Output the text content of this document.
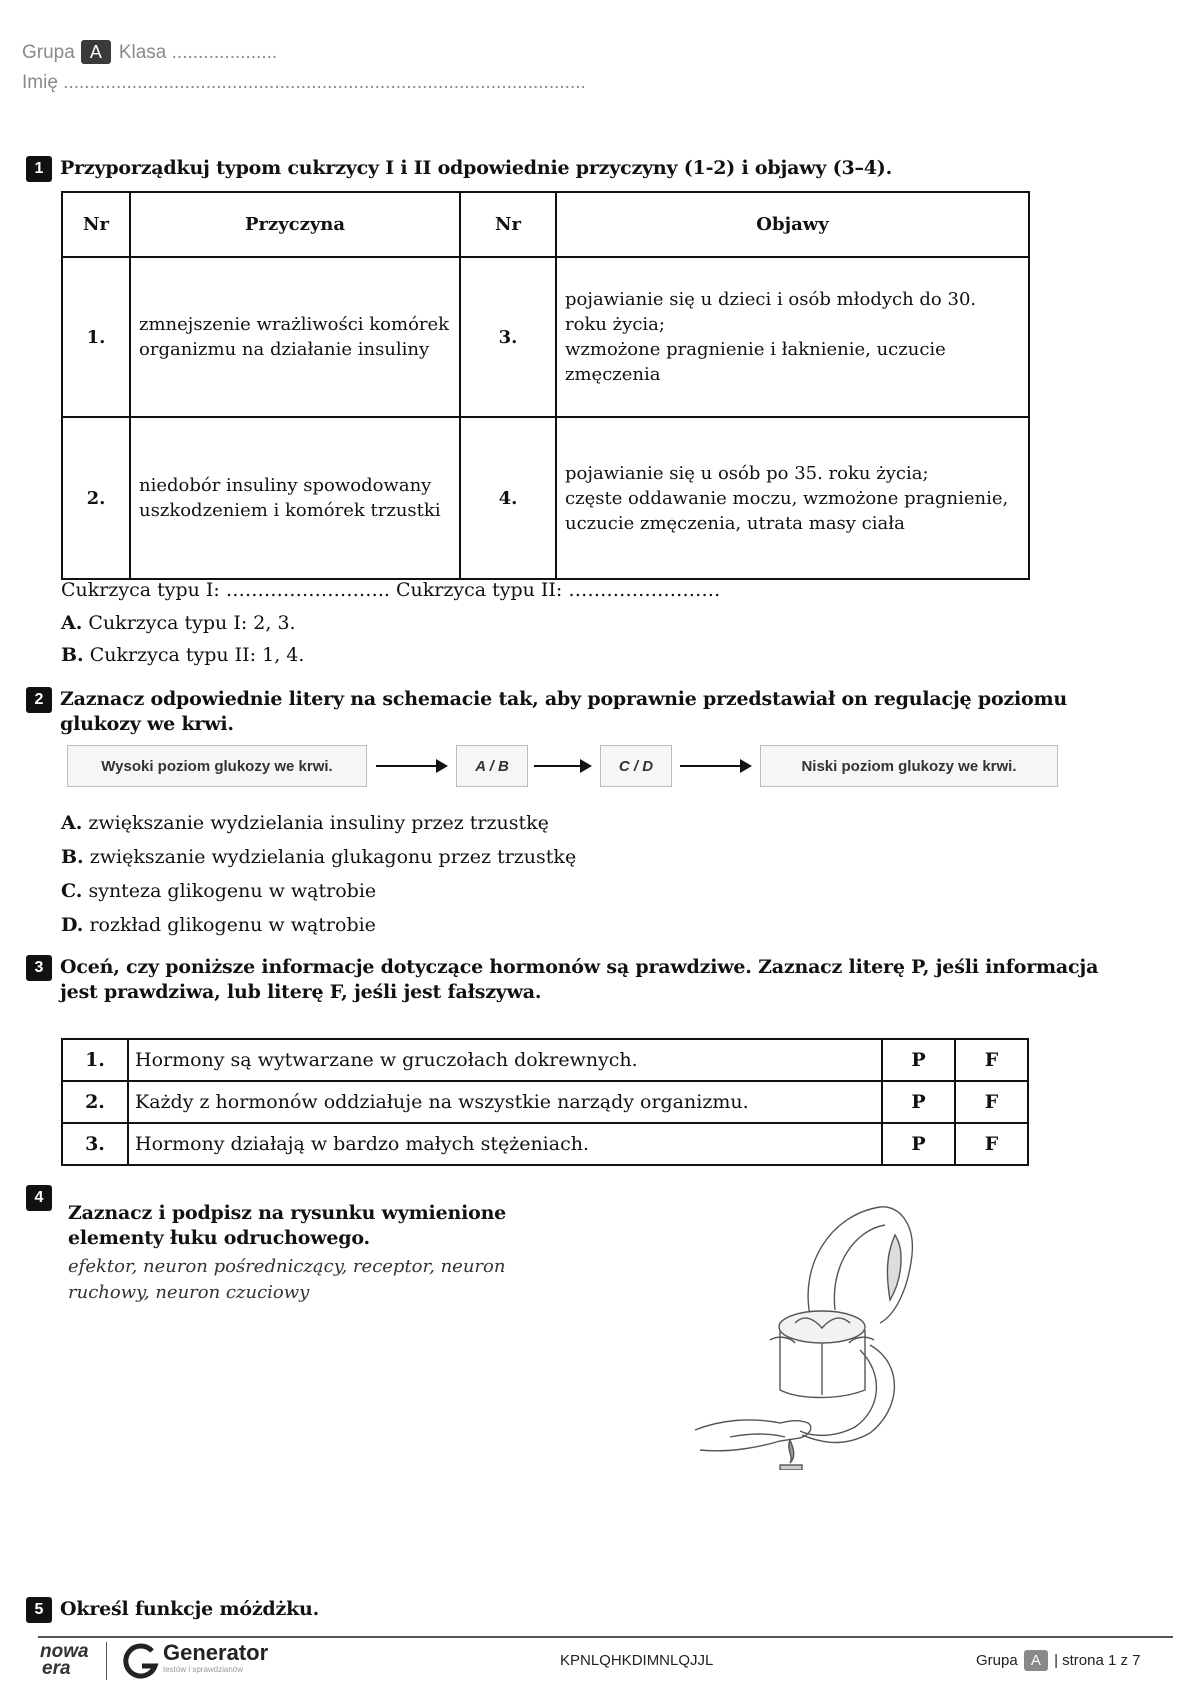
Grupa A Klasa ....................
Imię ...................................................................................................
1 Przyporządkuj typom cukrzycy I i II odpowiednie przyczyny (1-2) i objawy (3–4).
Nr	Przyczyna	Nr	Objawy
1.	zmnejszenie wrażliwości komórek organizmu na działanie insuliny	3.	pojawianie się u dzieci i osób młodych do 30. roku życia;
wzmożone pragnienie i łaknienie, uczucie zmęczenia

2.	niedobór insuliny spowodowany uszkodzeniem i komórek trzustki	4.	pojawianie się u osób po 35. roku życia;
częste oddawanie moczu, wzmożone pragnienie, uczucie zmęczenia, utrata masy ciała
Cukrzyca typu I: …………………….. Cukrzyca typu II: ……………………
A. Cukrzyca typu I: 2, 3.
B. Cukrzyca typu II: 1, 4.
2 Zaznacz odpowiednie litery na schemacie tak, aby poprawnie przedstawiał on regulację poziomu
glukozy we krwi.
Wysoki poziom glukozy we krwi.	A / B	C / D	Niski poziom glukozy we krwi.
A. zwiększanie wydzielania insuliny przez trzustkę
B. zwiększanie wydzielania glukagonu przez trzustkę
C. synteza glikogenu w wątrobie
D. rozkład glikogenu w wątrobie
3 Oceń, czy poniższe informacje dotyczące hormonów są prawdziwe. Zaznacz literę P, jeśli informacja
jest prawdziwa, lub literę F, jeśli jest fałszywa.
1.	Hormony są wytwarzane w gruczołach dokrewnych.	P	F
2.	Każdy z hormonów oddziałuje na wszystkie narządy organizmu.	P	F
3.	Hormony działają w bardzo małych stężeniach.	P	F
4
Zaznacz i podpisz na rysunku wymienione
elementy łuku odruchowego.
efektor, neuron pośredniczący, receptor, neuron
ruchowy, neuron czuciowy
5 Określ funkcje móżdżku.
nowa
era
Generator
testów i sprawdzianów
KPNLQHKDIMNLQJJL	Grupa A | strona 1 z 7
